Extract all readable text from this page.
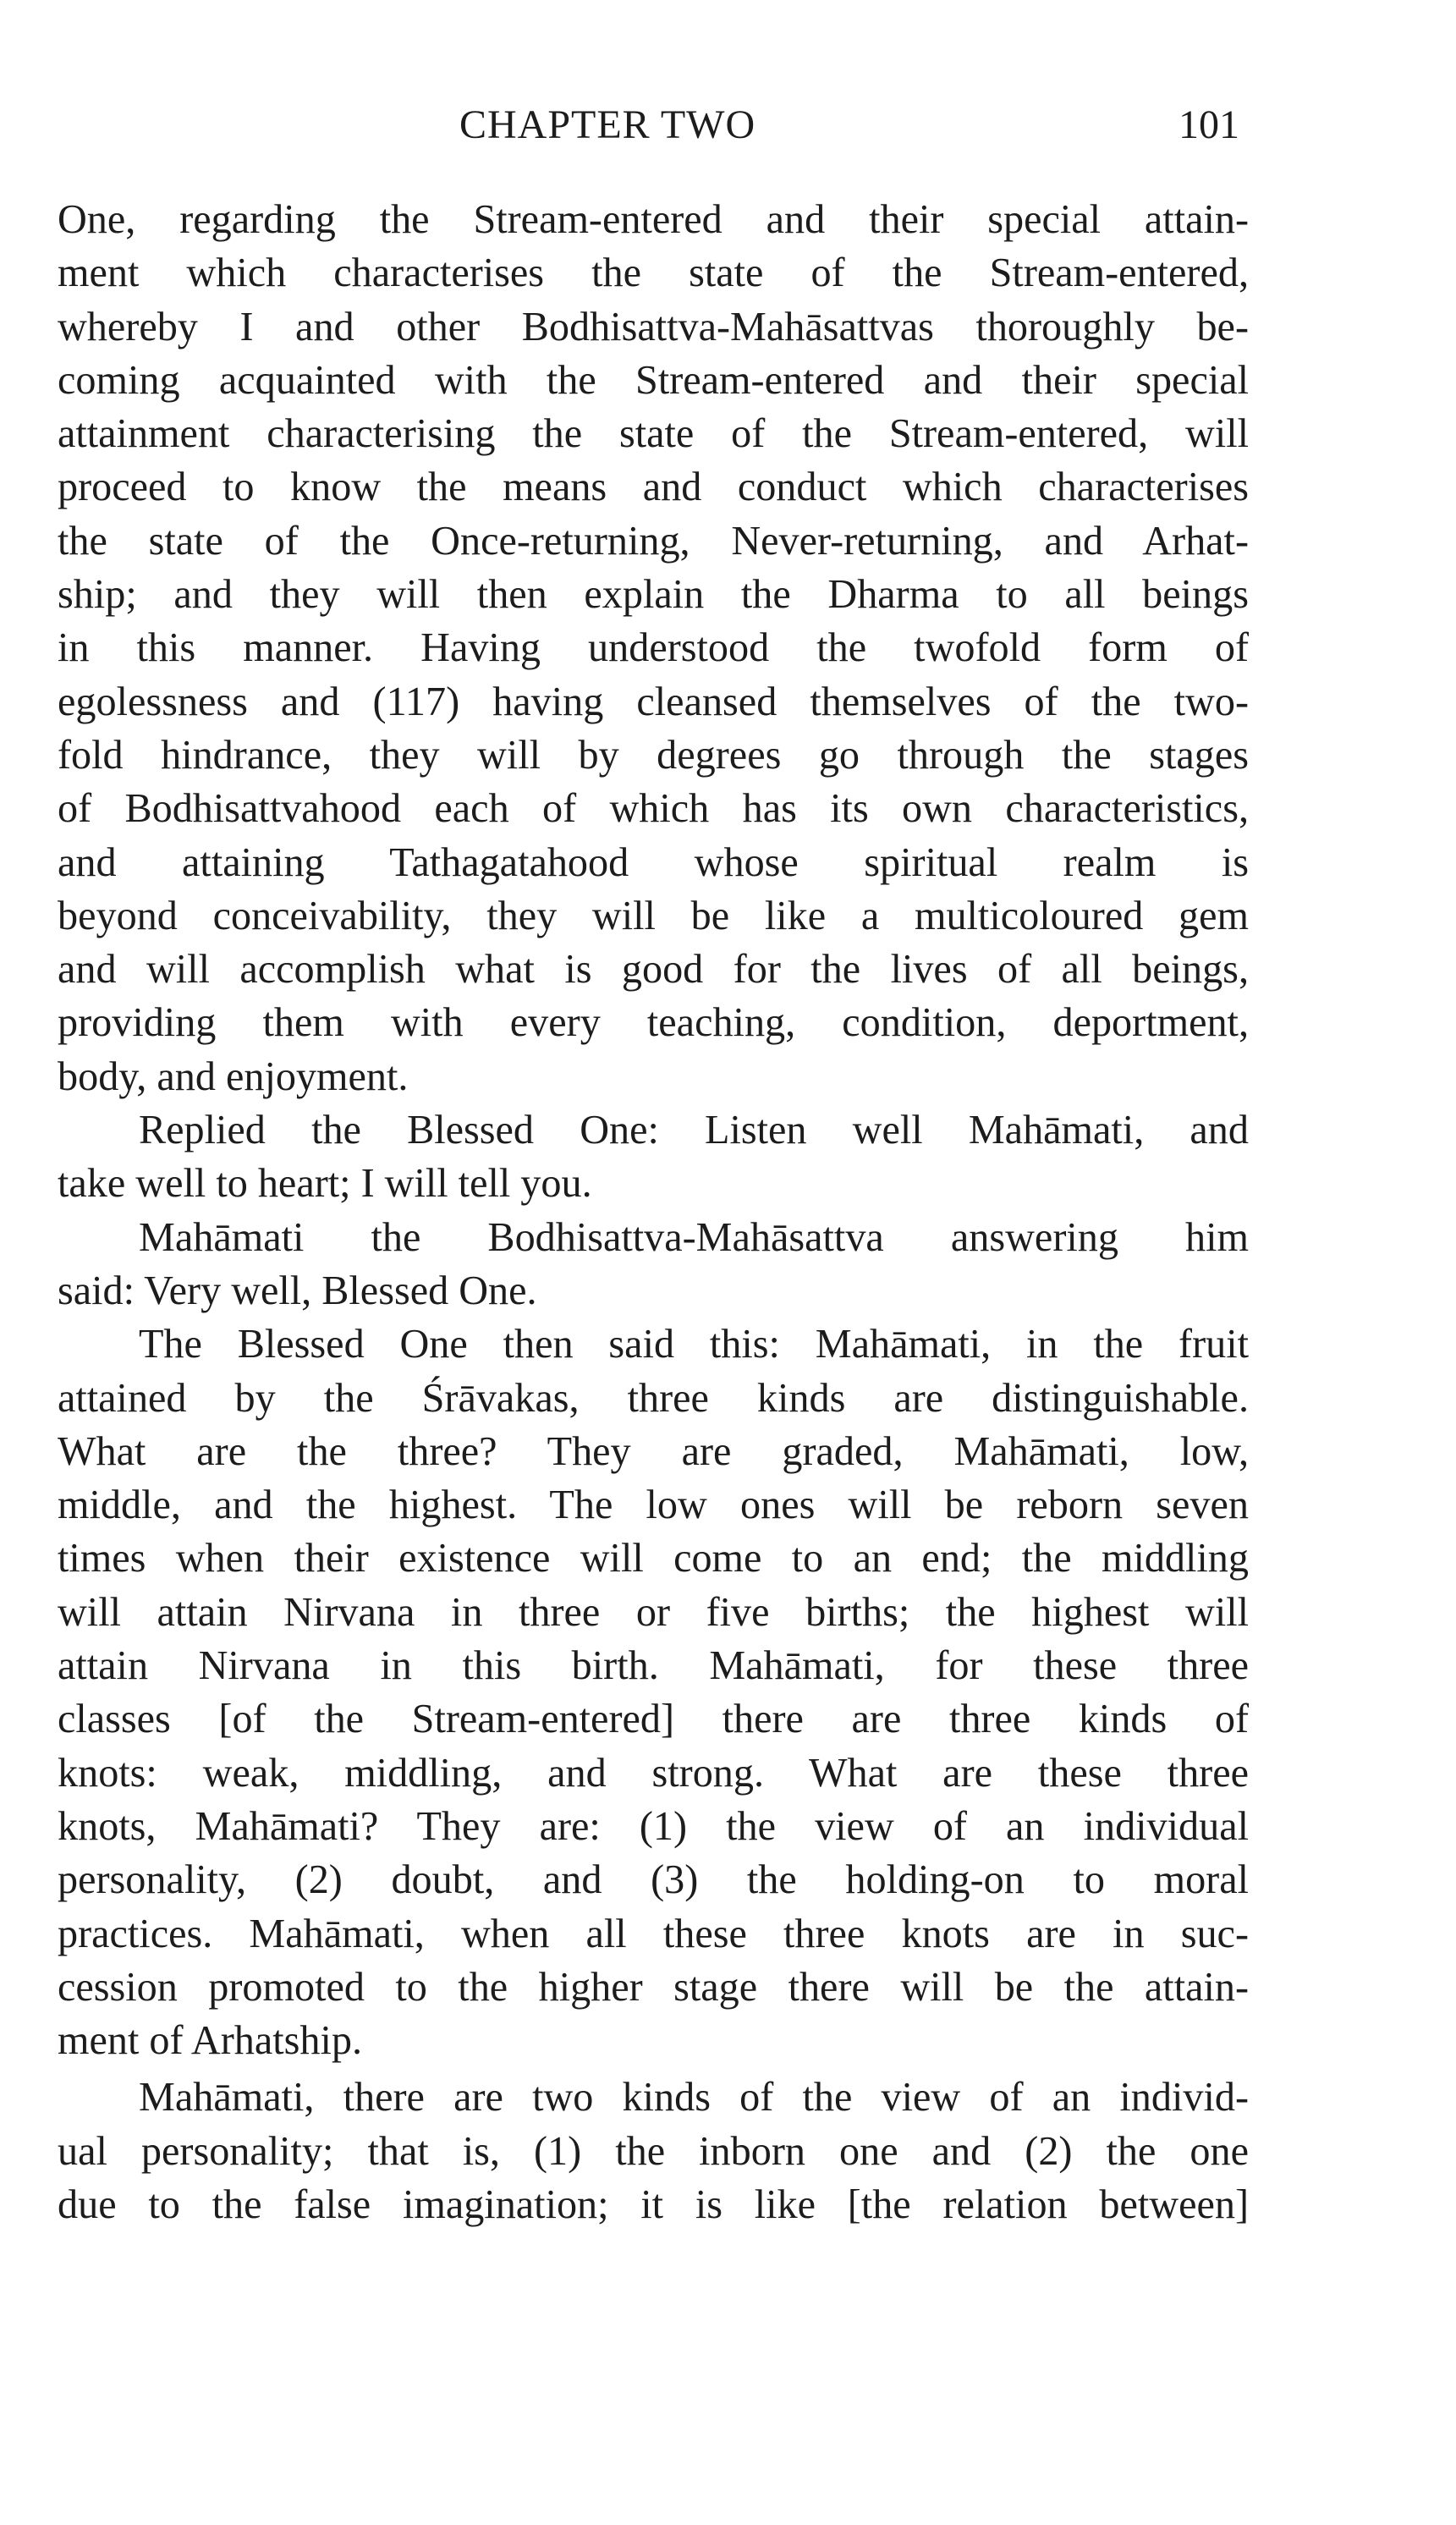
CHAPTER TWO	101
One, regarding the Stream-entered and their special attain-
ment which characterises the state of the Stream-entered,
whereby I and other Bodhisattva-Mahāsattvas thoroughly be-
coming acquainted with the Stream-entered and their special
attainment characterising the state of the Stream-entered, will
proceed to know the means and conduct which characterises
the state of the Once-returning, Never-returning, and Arhat-
ship; and they will then explain the Dharma to all beings
in this manner. Having understood the twofold form of
egolessness and (117) having cleansed themselves of the two-
fold hindrance, they will by degrees go through the stages
of Bodhisattvahood each of which has its own characteristics,
and attaining Tathagatahood whose spiritual realm is
beyond conceivability, they will be like a multicoloured gem
and will accomplish what is good for the lives of all beings,
providing them with every teaching, condition, deportment,
body, and enjoyment.
Replied the Blessed One: Listen well Mahāmati, and
take well to heart; I will tell you.
Mahāmati the Bodhisattva-Mahāsattva answering him
said: Very well, Blessed One.
The Blessed One then said this: Mahāmati, in the fruit
attained by the Śrāvakas, three kinds are distinguishable.
What are the three? They are graded, Mahāmati, low,
middle, and the highest. The low ones will be reborn seven
times when their existence will come to an end; the middling
will attain Nirvana in three or five births; the highest will
attain Nirvana in this birth. Mahāmati, for these three
classes [of the Stream-entered] there are three kinds of
knots: weak, middling, and strong. What are these three
knots, Mahāmati? They are: (1) the view of an individual
personality, (2) doubt, and (3) the holding-on to moral
practices. Mahāmati, when all these three knots are in suc-
cession promoted to the higher stage there will be the attain-
ment of Arhatship.
Mahāmati, there are two kinds of the view of an individ-
ual personality; that is, (1) the inborn one and (2) the one
due to the false imagination; it is like [the relation between]
